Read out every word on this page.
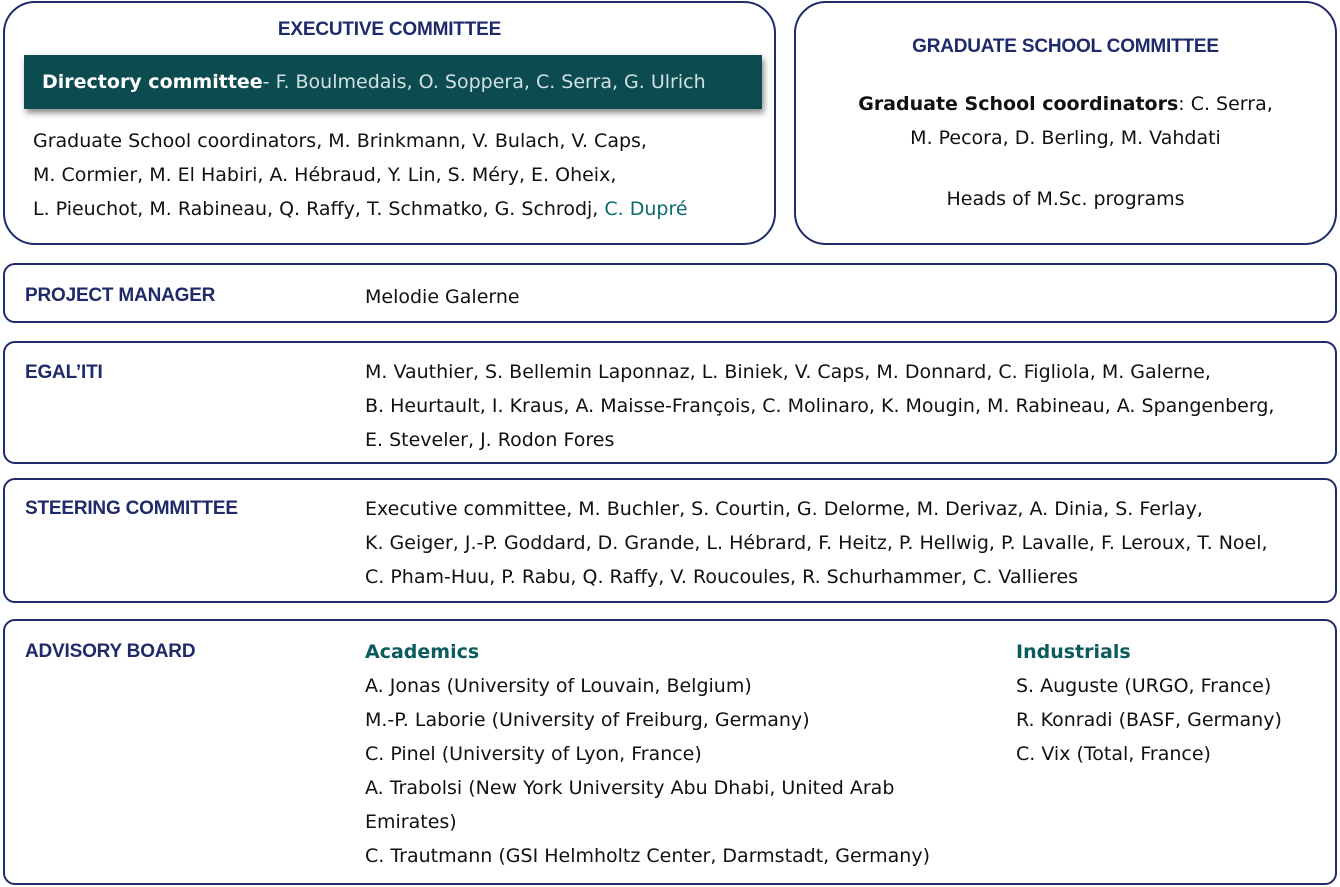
EXECUTIVE COMMITTEE
Directory committee - F. Boulmedais, O. Soppera, C. Serra, G. Ulrich
Graduate School coordinators, M. Brinkmann, V. Bulach, V. Caps,
M. Cormier, M. El Habiri, A. Hébraud, Y. Lin, S. Méry, E. Oheix,
L. Pieuchot, M. Rabineau, Q. Raffy, T. Schmatko, G. Schrodj, C. Dupré
GRADUATE SCHOOL COMMITTEE
Graduate School coordinators: C. Serra,
M. Pecora, D. Berling, M. Vahdati
Heads of M.Sc. programs
PROJECT MANAGER	Melodie Galerne
EGAL’ITI	M. Vauthier, S. Bellemin Laponnaz, L. Biniek, V. Caps, M. Donnard, C. Figliola, M. Galerne,
B. Heurtault, I. Kraus, A. Maisse-François, C. Molinaro, K. Mougin, M. Rabineau, A. Spangenberg,
E. Steveler, J. Rodon Fores
STEERING COMMITTEE	Executive committee, M. Buchler, S. Courtin, G. Delorme, M. Derivaz, A. Dinia, S. Ferlay,
K. Geiger, J.-P. Goddard, D. Grande, L. Hébrard, F. Heitz, P. Hellwig, P. Lavalle, F. Leroux, T. Noel,
C. Pham-Huu, P. Rabu, Q. Raffy, V. Roucoules, R. Schurhammer, C. Vallieres
ADVISORY BOARD	Academics
A. Jonas (University of Louvain, Belgium)
M.-P. Laborie (University of Freiburg, Germany)
C. Pinel (University of Lyon, France)
A. Trabolsi (New York University Abu Dhabi, United Arab
Emirates)
C. Trautmann (GSI Helmholtz Center, Darmstadt, Germany)
Industrials
S. Auguste (URGO, France)
R. Konradi (BASF, Germany)
C. Vix (Total, France)
